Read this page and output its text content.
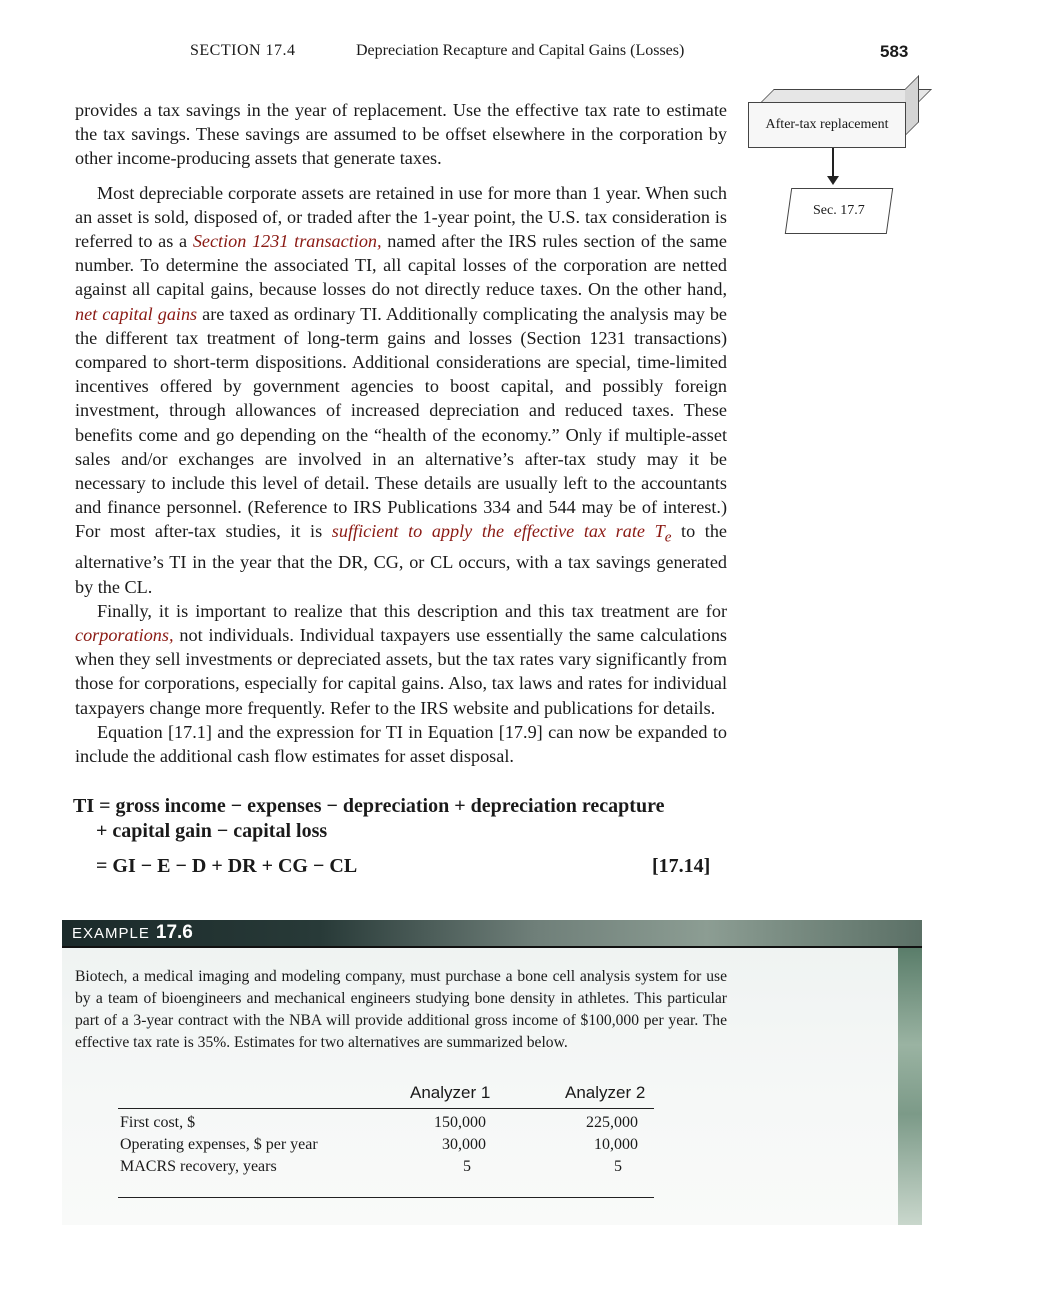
SECTION 17.4	Depreciation Recapture and Capital Gains (Losses)	583
After-tax replacement
Sec. 17.7

provides a tax savings in the year of replacement. Use the effective tax rate to estimate the tax savings. These savings are assumed to be offset elsewhere in the corporation by other income-producing assets that generate taxes.

Most depreciable corporate assets are retained in use for more than 1 year. When such an asset is sold, disposed of, or traded after the 1-year point, the U.S. tax consideration is referred to as a Section 1231 transaction, named after the IRS rules section of the same number. To determine the associated TI, all capital losses of the corporation are netted against all capital gains, because losses do not directly reduce taxes. On the other hand, net capital gains are taxed as ordinary TI. Additionally complicating the analysis may be the different tax treatment of long-term gains and losses (Section 1231 transactions) compared to short-term dispositions. Additional considerations are special, time-limited incentives offered by government agencies to boost capital, and possibly foreign investment, through allowances of increased depreciation and reduced taxes. These benefits come and go depending on the “health of the economy.” Only if multiple-asset sales and/or exchanges are involved in an alternative’s after-tax study may it be necessary to include this level of detail. These details are usually left to the accountants and finance personnel. (Reference to IRS Publications 334 and 544 may be of interest.) For most after-tax studies, it is sufficient to apply the effective tax rate $T_e$ to the alternative’s TI in the year that the DR, CG, or CL occurs, with a tax savings generated by the CL.

Finally, it is important to realize that this description and this tax treatment are for corporations, not individuals. Individual taxpayers use essentially the same calculations when they sell investments or depreciated assets, but the tax rates vary significantly from those for corporations, especially for capital gains. Also, tax laws and rates for individual taxpayers change more frequently. Refer to the IRS website and publications for details.

Equation [17.1] and the expression for TI in Equation [17.9] can now be expanded to include the additional cash flow estimates for asset disposal.

TI = gross income − expenses − depreciation + depreciation recapture
+ capital gain − capital loss
= GI − E − D + DR + CG − CL	[17.14]
EXAMPLE 17.6
Biotech, a medical imaging and modeling company, must purchase a bone cell analysis system for use by a team of bioengineers and mechanical engineers studying bone density in athletes. This particular part of a 3-year contract with the NBA will provide additional gross income of $100,000 per year. The effective tax rate is 35%. Estimates for two alternatives are summarized below.
Analyzer 1	Analyzer 2
First cost, $	150,000	225,000
Operating expenses, $ per year	30,000	10,000
MACRS recovery, years	5	5
